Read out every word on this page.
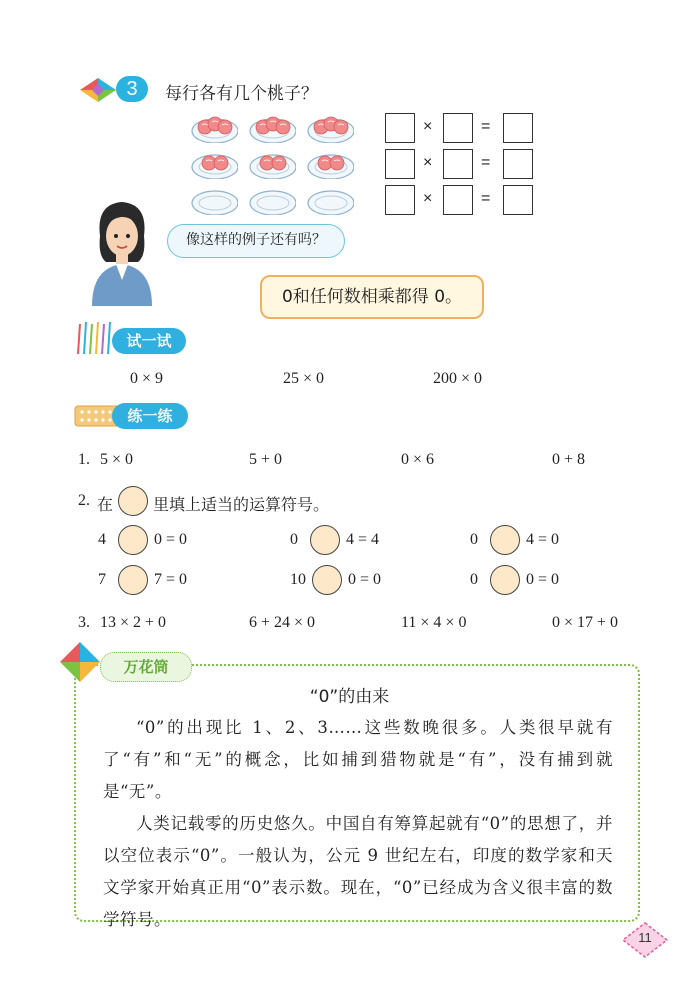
3	每行各有几个桃子？
×	=
×	=
×	=
像这样的例子还有吗？
0和任何数相乘都得 0。
试一试
0 × 9	25 × 0	200 × 0
练一练
1. 5 × 0	5 + 0	0 × 6	0 + 8
2. 在 里填上适当的运算符号。
4	0 = 0	0	4 = 4	0	4 = 0
7	7 = 0	10	0 = 0	0	0 = 0
3. 13 × 2 + 0	6 + 24 × 0	11 × 4 × 0	0 × 17 + 0
万花筒
“0”的由来
“0”的出现比 1、2、3……这些数晚很多。人类很早就有了“有”和“无”的概念，比如捕到猎物就是“有”，没有捕到就是“无”。
人类记载零的历史悠久。中国自有筹算起就有“0”的思想了，并以空位表示“0”。一般认为，公元 9 世纪左右，印度的数学家和天文学家开始真正用“0”表示数。现在，“0”已经成为含义很丰富的数学符号。
11
